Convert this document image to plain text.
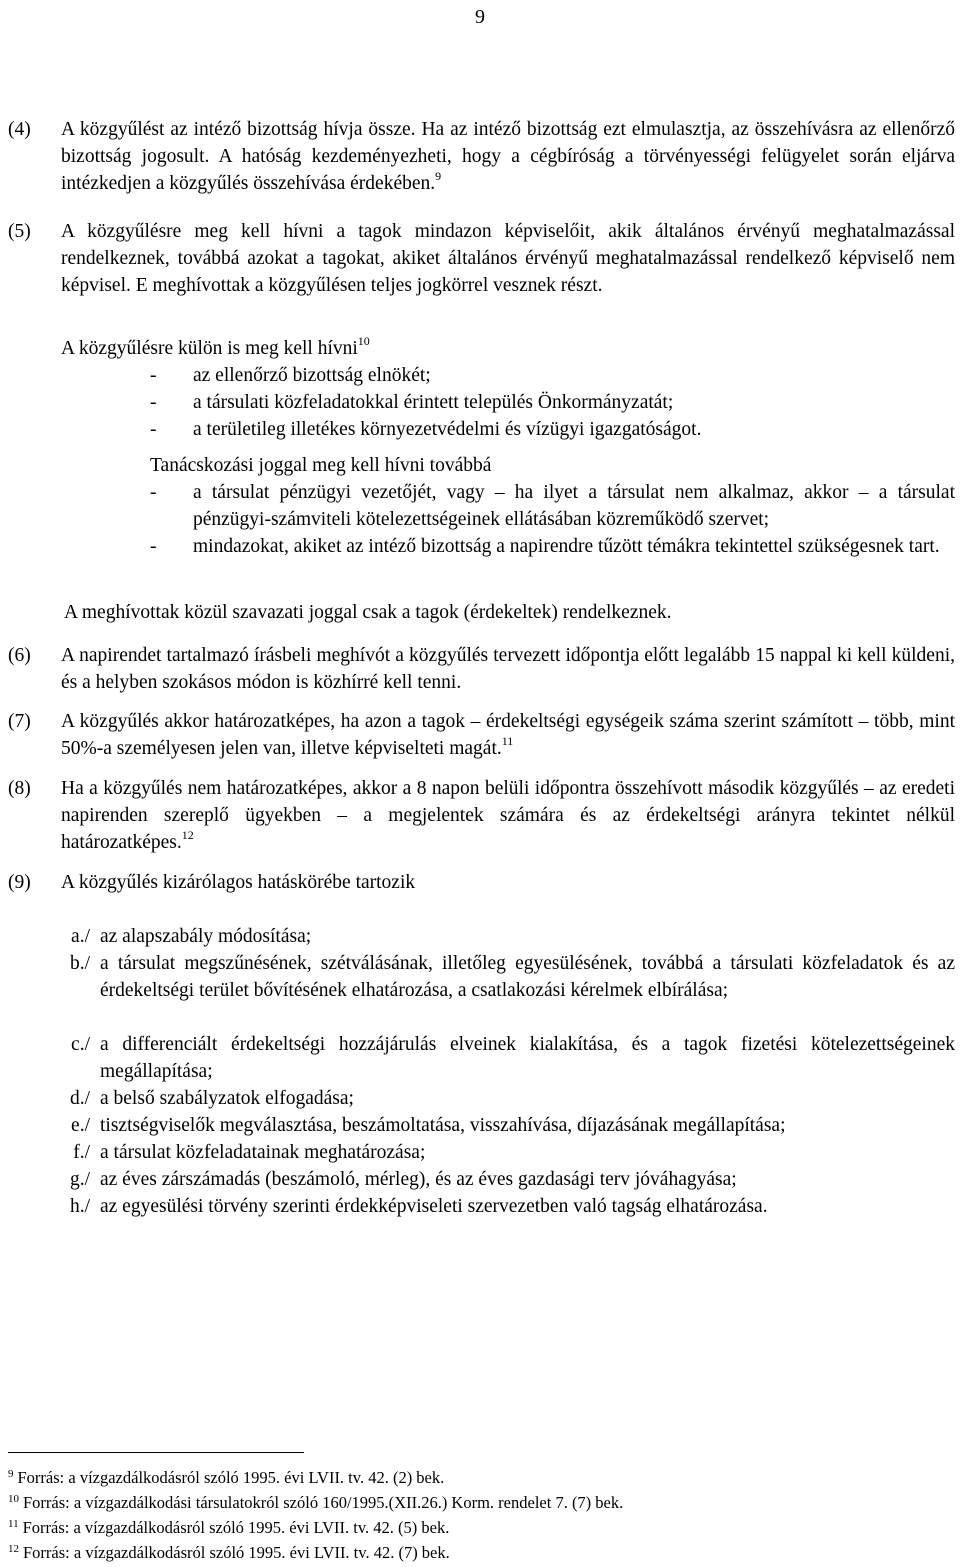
9
(4) A közgyűlést az intéző bizottság hívja össze. Ha az intéző bizottság ezt elmulasztja, az összehívásra az ellenőrző bizottság jogosult. A hatóság kezdeményezheti, hogy a cégbíróság a törvényességi felügyelet során eljárva intézkedjen a közgyűlés összehívása érdekében.$^9$
(5) A közgyűlésre meg kell hívni a tagok mindazon képviselőit, akik általános érvényű meghatalmazással rendelkeznek, továbbá azokat a tagokat, akiket általános érvényű meghatalmazással rendelkező képviselő nem képvisel. E meghívottak a közgyűlésen teljes jogkörrel vesznek részt.
A közgyűlésre külön is meg kell hívni$^{10}$
- az ellenőrző bizottság elnökét;
- a társulati közfeladatokkal érintett település Önkormányzatát;
- a területileg illetékes környezetvédelmi és vízügyi igazgatóságot.
Tanácskozási joggal meg kell hívni továbbá
- a társulat pénzügyi vezetőjét, vagy – ha ilyet a társulat nem alkalmaz, akkor – a társulat pénzügyi-számviteli kötelezettségeinek ellátásában közreműködő szervet;
- mindazokat, akiket az intéző bizottság a napirendre tűzött témákra tekintettel szükségesnek tart.
A meghívottak közül szavazati joggal csak a tagok (érdekeltek) rendelkeznek.
(6) A napirendet tartalmazó írásbeli meghívót a közgyűlés tervezett időpontja előtt legalább 15 nappal ki kell küldeni, és a helyben szokásos módon is közhírré kell tenni.
(7) A közgyűlés akkor határozatképes, ha azon a tagok – érdekeltségi egységeik száma szerint számított – több, mint 50%-a személyesen jelen van, illetve képviselteti magát.$^{11}$
(8) Ha a közgyűlés nem határozatképes, akkor a 8 napon belüli időpontra összehívott második közgyűlés – az eredeti napirenden szereplő ügyekben – a megjelentek számára és az érdekeltségi arányra tekintet nélkül határozatképes.$^{12}$
(9) A közgyűlés kizárólagos hatáskörébe tartozik
a./ az alapszabály módosítása;
b./ a társulat megszűnésének, szétválásának, illetőleg egyesülésének, továbbá a társulati közfeladatok és az érdekeltségi terület bővítésének elhatározása, a csatlakozási kérelmek elbírálása;
c./ a differenciált érdekeltségi hozzájárulás elveinek kialakítása, és a tagok fizetési kötelezettségeinek megállapítása;
d./ a belső szabályzatok elfogadása;
e./ tisztségviselők megválasztása, beszámoltatása, visszahívása, díjazásának megállapítása;
f./ a társulat közfeladatainak meghatározása;
g./ az éves zárszámadás (beszámoló, mérleg), és az éves gazdasági terv jóváhagyása;
h./ az egyesülési törvény szerinti érdekképviseleti szervezetben való tagság elhatározása.
$^9$ Forrás: a vízgazdálkodásról szóló 1995. évi LVII. tv. 42. (2) bek.
$^{10}$ Forrás: a vízgazdálkodási társulatokról szóló 160/1995.(XII.26.) Korm. rendelet 7. (7) bek.
$^{11}$ Forrás: a vízgazdálkodásról szóló 1995. évi LVII. tv. 42. (5) bek.
$^{12}$ Forrás: a vízgazdálkodásról szóló 1995. évi LVII. tv. 42. (7) bek.
